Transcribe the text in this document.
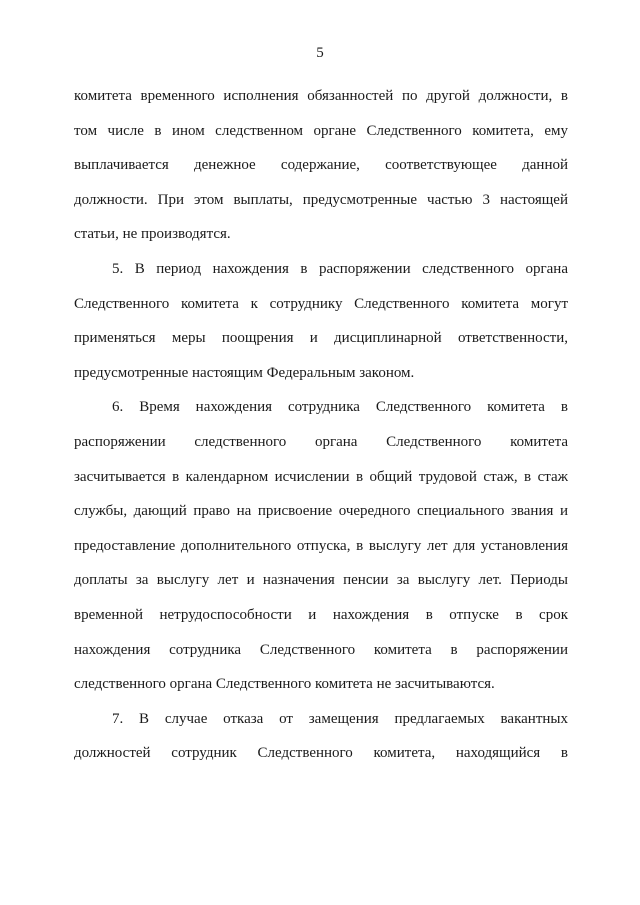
5
комитета временного исполнения обязанностей по другой должности, в
том числе в ином следственном органе Следственного комитета, ему
выплачивается денежное содержание, соответствующее данной
должности. При этом выплаты, предусмотренные частью 3 настоящей
статьи, не производятся.
5. В период нахождения в распоряжении следственного органа
Следственного комитета к сотруднику Следственного комитета могут
применяться меры поощрения и дисциплинарной ответственности,
предусмотренные настоящим Федеральным законом.
6. Время нахождения сотрудника Следственного комитета в
распоряжении следственного органа Следственного комитета
засчитывается в календарном исчислении в общий трудовой стаж, в стаж
службы, дающий право на присвоение очередного специального звания и
предоставление дополнительного отпуска, в выслугу лет для установления
доплаты за выслугу лет и назначения пенсии за выслугу лет. Периоды
временной нетрудоспособности и нахождения в отпуске в срок
нахождения сотрудника Следственного комитета в распоряжении
следственного органа Следственного комитета не засчитываются.
7. В случае отказа от замещения предлагаемых вакантных
должностей сотрудник Следственного комитета, находящийся в
